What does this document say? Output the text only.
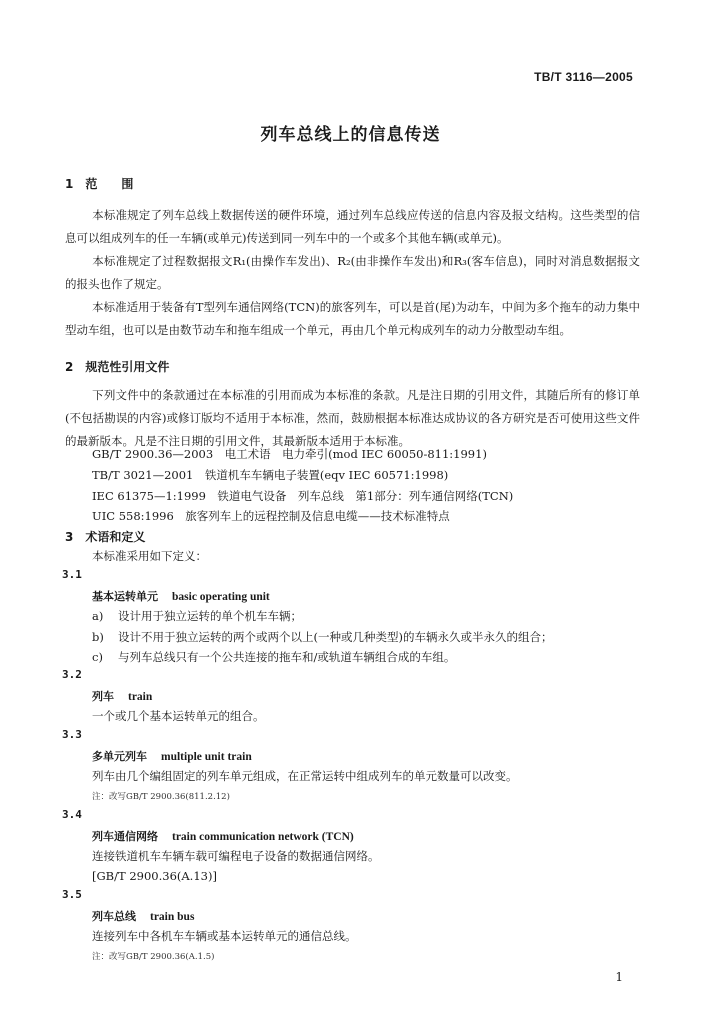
TB/T 3116—2005
列车总线上的信息传送
1　范　　围
本标准规定了列车总线上数据传送的硬件环境，通过列车总线应传送的信息内容及报文结构。这些类型的信息可以组成列车的任一车辆(或单元)传送到同一列车中的一个或多个其他车辆(或单元)。
本标准规定了过程数据报文R₁(由操作车发出)、R₂(由非操作车发出)和R₃(客车信息)，同时对消息数据报文的报头也作了规定。
本标准适用于装备有T型列车通信网络(TCN)的旅客列车，可以是首(尾)为动车，中间为多个拖车的动力集中型动车组，也可以是由数节动车和拖车组成一个单元，再由几个单元构成列车的动力分散型动车组。
2　规范性引用文件
下列文件中的条款通过在本标准的引用而成为本标准的条款。凡是注日期的引用文件，其随后所有的修订单(不包括勘误的内容)或修订版均不适用于本标准，然而，鼓励根据本标准达成协议的各方研究是否可使用这些文件的最新版本。凡是不注日期的引用文件，其最新版本适用于本标准。
GB/T 2900.36—2003　电工术语　电力牵引(mod IEC 60050-811:1991)
TB/T 3021—2001　铁道机车车辆电子装置(eqv IEC 60571:1998)
IEC 61375—1:1999　铁道电气设备　列车总线　第1部分：列车通信网络(TCN)
UIC 558:1996　旅客列车上的远程控制及信息电缆——技术标准特点
3　术语和定义
本标准采用如下定义：
3.1
基本运转单元 basic operating unit
a) 设计用于独立运转的单个机车车辆；
b) 设计不用于独立运转的两个或两个以上(一种或几种类型)的车辆永久或半永久的组合；
c) 与列车总线只有一个公共连接的拖车和/或轨道车辆组合成的车组。
3.2
列车 train
一个或几个基本运转单元的组合。
3.3
多单元列车 multiple unit train
列车由几个编组固定的列车单元组成，在正常运转中组成列车的单元数量可以改变。
注：改写GB/T 2900.36(811.2.12)
3.4
列车通信网络 train communication network (TCN)
连接铁道机车车辆车载可编程电子设备的数据通信网络。
[GB/T 2900.36(A.13)]
3.5
列车总线 train bus
连接列车中各机车车辆或基本运转单元的通信总线。
注：改写GB/T 2900.36(A.1.5)
1
